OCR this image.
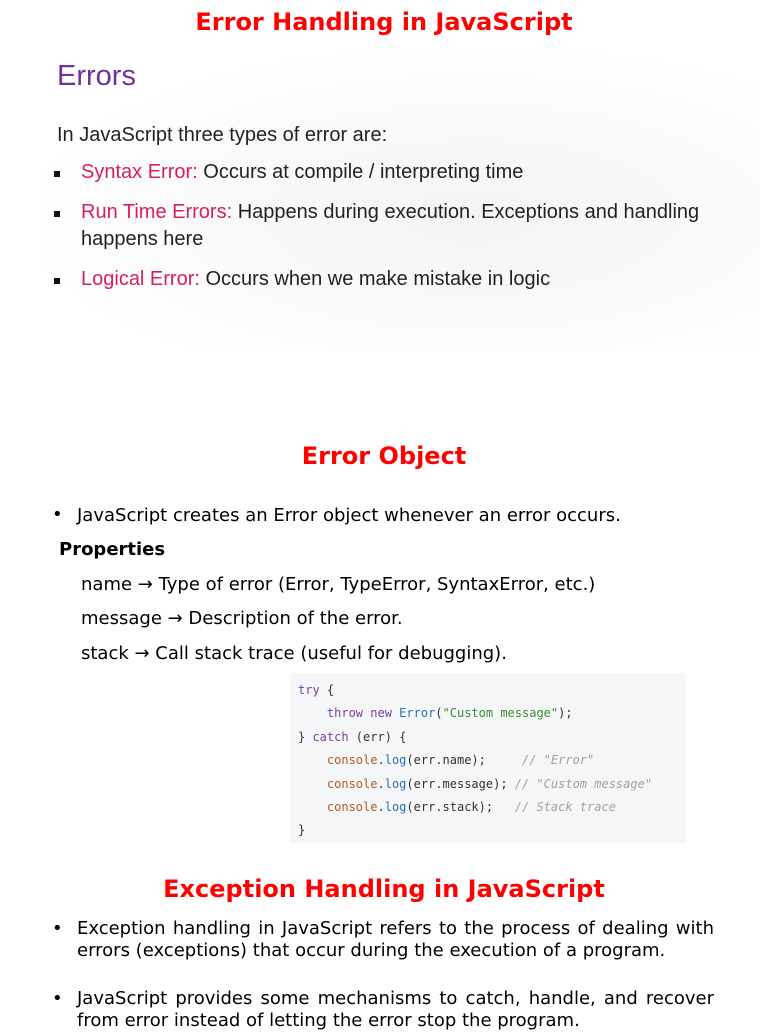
Error Handling in JavaScript
Errors
In JavaScript three types of error are:
Syntax Error: Occurs at compile / interpreting time
Run Time Errors: Happens during execution. Exceptions and handling happens here
Logical Error: Occurs when we make mistake in logic
Error Object
• JavaScript creates an Error object whenever an error occurs.
Properties
name → Type of error (Error, TypeError, SyntaxError, etc.)
message → Description of the error.
stack → Call stack trace (useful for debugging).
try {
throw new Error("Custom message");
} catch (err) {
console.log(err.name);     // "Error"
console.log(err.message); // "Custom message"
console.log(err.stack);   // Stack trace
}
Exception Handling in JavaScript
• Exception handling in JavaScript refers to the process of dealing with errors (exceptions) that occur during the execution of a program.
• JavaScript provides some mechanisms to catch, handle, and recover from error instead of letting the error stop the program.
